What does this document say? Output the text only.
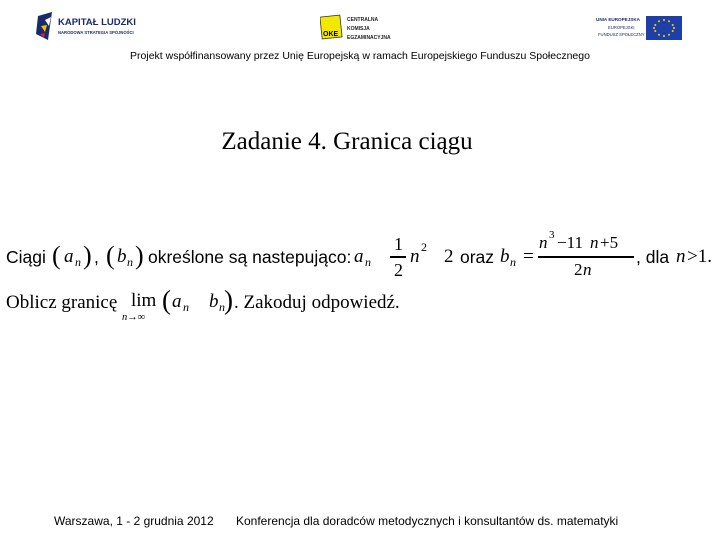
KAPITAŁ LUDZKI
NARODOWA STRATEGIA SPÓJNOŚCI	OKE
CENTRALNA
KOMISJA
EGZAMINACYJNA
UNIA EUROPEJSKA
EUROPEJSKI
FUNDUSZ SPOŁECZNY
Projekt współfinansowany przez Unię Europejską w ramach Europejskiego Funduszu Społecznego
Zadanie 4. Granica ciągu
Ciągi ( a n ) , ( b n ) określone są nastepująco: a n
1
2
n 2 2 oraz b n =
n 3 −11 n +5
2 n
, dla n >1.
Oblicz granicę lim
n→∞
( a n b n ) . Zakoduj odpowiedź.
Warszawa, 1 - 2 grudnia 2012 Konferencja dla doradców metodycznych i konsultantów ds. matematyki
